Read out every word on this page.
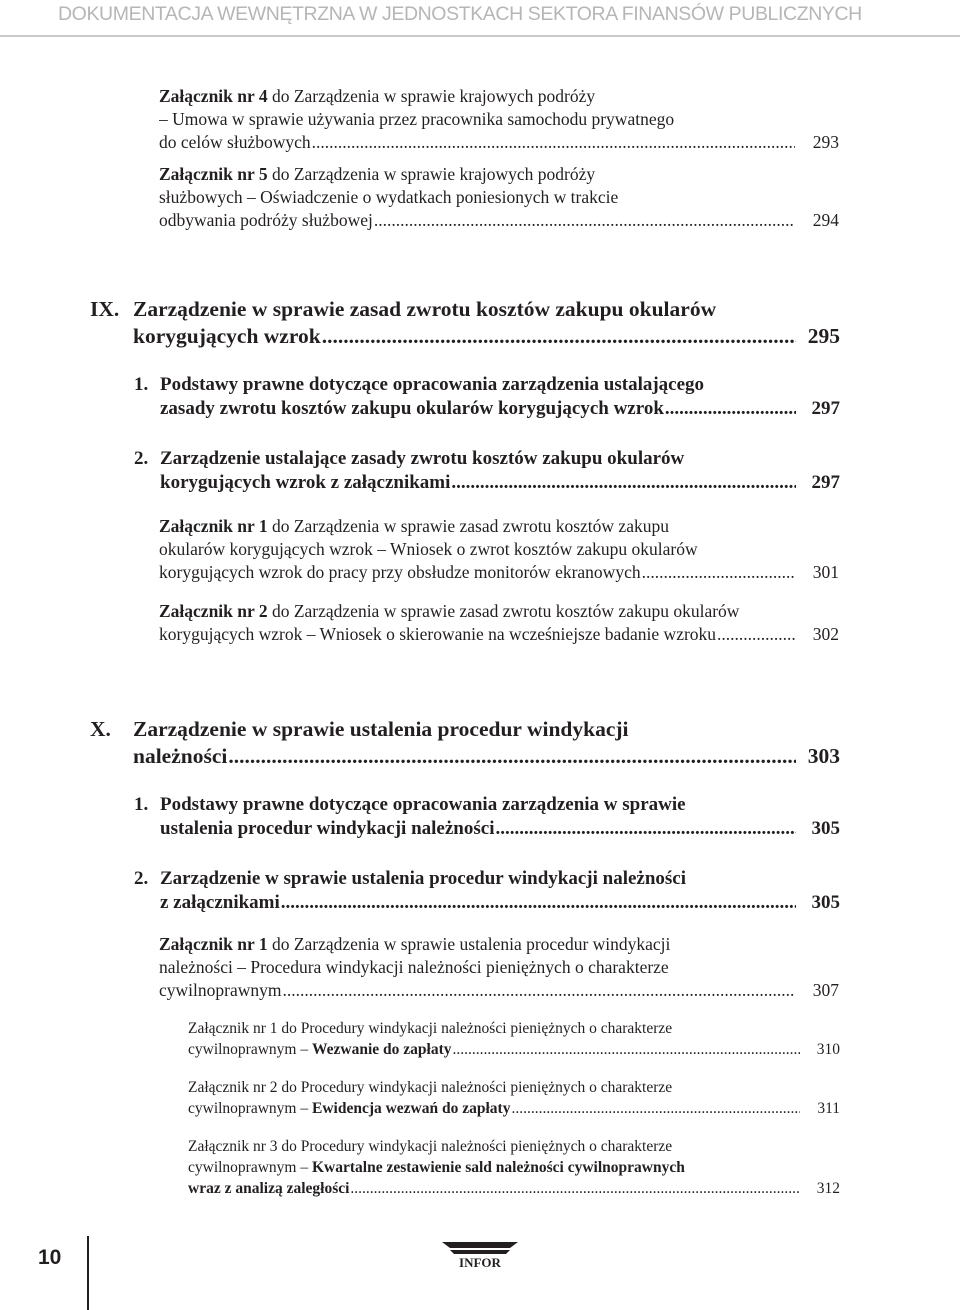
DOKUMENTACJA WEWNĘTRZNA W JEDNOSTKACH SEKTORA FINANSÓW PUBLICZNYCH
Załącznik nr 4 do Zarządzenia w sprawie krajowych podróży
– Umowa w sprawie używania przez pracownika samochodu prywatnego
do celów służbowych .....	293
Załącznik nr 5 do Zarządzenia w sprawie krajowych podróży
służbowych – Oświadczenie o wydatkach poniesionych w trakcie
odbywania podróży służbowej .....	294
IX. Zarządzenie w sprawie zasad zwrotu kosztów zakupu okularów
korygujących wzrok .....	295
1. Podstawy prawne dotyczące opracowania zarządzenia ustalającego
zasady zwrotu kosztów zakupu okularów korygujących wzrok .....	297
2. Zarządzenie ustalające zasady zwrotu kosztów zakupu okularów
korygujących wzrok z załącznikami .....	297
Załącznik nr 1 do Zarządzenia w sprawie zasad zwrotu kosztów zakupu
okularów korygujących wzrok – Wniosek o zwrot kosztów zakupu okularów
korygujących wzrok do pracy przy obsłudze monitorów ekranowych .....	301
Załącznik nr 2 do Zarządzenia w sprawie zasad zwrotu kosztów zakupu okularów
korygujących wzrok – Wniosek o skierowanie na wcześniejsze badanie wzroku .....	302
X. Zarządzenie w sprawie ustalenia procedur windykacji
należności .....	303
1. Podstawy prawne dotyczące opracowania zarządzenia w sprawie
ustalenia procedur windykacji należności .....	305
2. Zarządzenie w sprawie ustalenia procedur windykacji należności
z załącznikami .....	305
Załącznik nr 1 do Zarządzenia w sprawie ustalenia procedur windykacji
należności – Procedura windykacji należności pieniężnych o charakterze
cywilnoprawnym .....	307
Załącznik nr 1 do Procedury windykacji należności pieniężnych o charakterze
cywilnoprawnym – Wezwanie do zapłaty .....	310
Załącznik nr 2 do Procedury windykacji należności pieniężnych o charakterze
cywilnoprawnym – Ewidencja wezwań do zapłaty .....	311
Załącznik nr 3 do Procedury windykacji należności pieniężnych o charakterze
cywilnoprawnym – Kwartalne zestawienie sald należności cywilnoprawnych
wraz z analizą zaległości .....	312
10	INFOR
